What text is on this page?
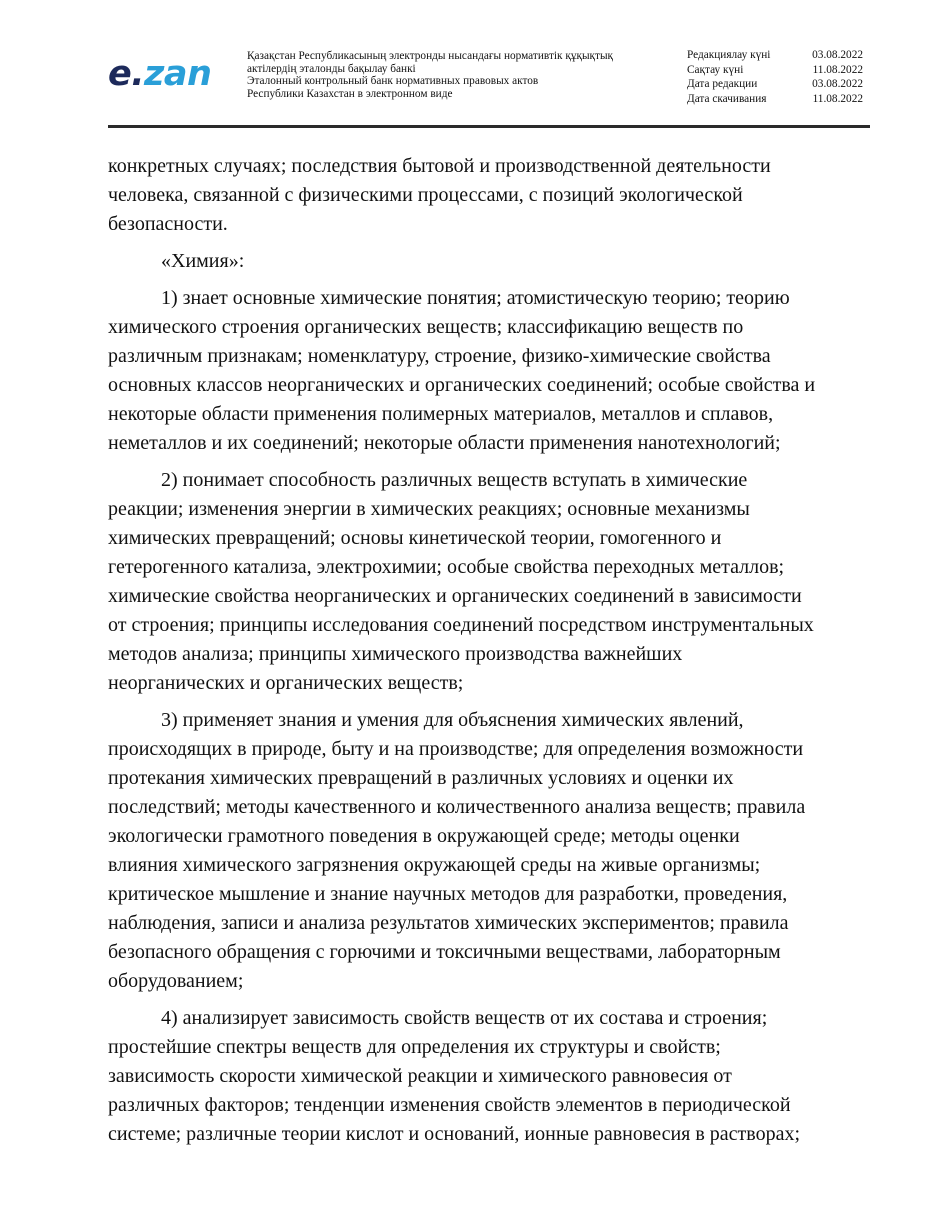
e.zan	Қазақстан Республикасының электронды нысандағы нормативтік құқықтық
актілердің эталонды бақылау банкі
Эталонный контрольный банк нормативных правовых актов
Республики Казахстан в электронном виде
Редакциялау күні	03.08.2022
Сақтау күні	11.08.2022
Дата редакции	03.08.2022
Дата скачивания	11.08.2022

конкретных случаях; последствия бытовой и производственной деятельности
человека, связанной с физическими процессами, с позиций экологической
безопасности.

«Химия»:

1) знает основные химические понятия; атомистическую теорию; теорию
химического строения органических веществ; классификацию веществ по
различным признакам; номенклатуру, строение, физико-химические свойства
основных классов неорганических и органических соединений; особые свойства и
некоторые области применения полимерных материалов, металлов и сплавов,
неметаллов и их соединений; некоторые области применения нанотехнологий;

2) понимает способность различных веществ вступать в химические
реакции; изменения энергии в химических реакциях; основные механизмы
химических превращений; основы кинетической теории, гомогенного и
гетерогенного катализа, электрохимии; особые свойства переходных металлов;
химические свойства неорганических и органических соединений в зависимости
от строения; принципы исследования соединений посредством инструментальных
методов анализа; принципы химического производства важнейших
неорганических и органических веществ;

3) применяет знания и умения для объяснения химических явлений,
происходящих в природе, быту и на производстве; для определения возможности
протекания химических превращений в различных условиях и оценки их
последствий; методы качественного и количественного анализа веществ; правила
экологически грамотного поведения в окружающей среде; методы оценки
влияния химического загрязнения окружающей среды на живые организмы;
критическое мышление и знание научных методов для разработки, проведения,
наблюдения, записи и анализа результатов химических экспериментов; правила
безопасного обращения с горючими и токсичными веществами, лабораторным
оборудованием;

4) анализирует зависимость свойств веществ от их состава и строения;
простейшие спектры веществ для определения их структуры и свойств;
зависимость скорости химической реакции и химического равновесия от
различных факторов; тенденции изменения свойств элементов в периодической
системе; различные теории кислот и оснований, ионные равновесия в растворах;
